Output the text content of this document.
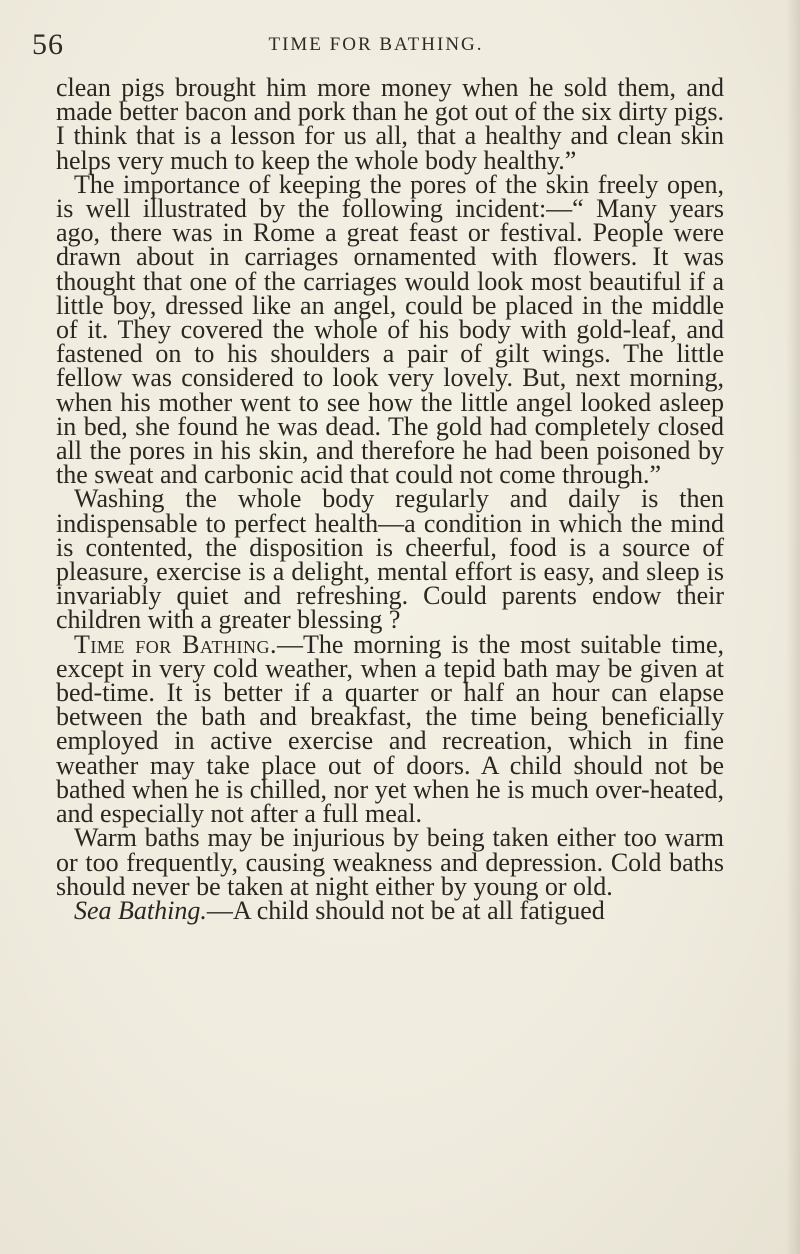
56	TIME FOR BATHING.

clean pigs brought him more money when he sold them, and made better bacon and pork than he got out of the six dirty pigs. I think that is a lesson for us all, that a healthy and clean skin helps very much to keep the whole body healthy.”

The importance of keeping the pores of the skin freely open, is well illustrated by the following incident:—“ Many years ago, there was in Rome a great feast or festival. People were drawn about in carriages ornamented with flowers. It was thought that one of the carriages would look most beautiful if a little boy, dressed like an angel, could be placed in the middle of it. They covered the whole of his body with gold-leaf, and fastened on to his shoulders a pair of gilt wings. The little fellow was considered to look very lovely. But, next morning, when his mother went to see how the little angel looked asleep in bed, she found he was dead. The gold had completely closed all the pores in his skin, and therefore he had been poisoned by the sweat and carbonic acid that could not come through.”

Washing the whole body regularly and daily is then indispensable to perfect health—a condition in which the mind is contented, the disposition is cheerful, food is a source of pleasure, exercise is a delight, mental effort is easy, and sleep is invariably quiet and refreshing. Could parents endow their children with a greater blessing ?

Time for Bathing.—The morning is the most suitable time, except in very cold weather, when a tepid bath may be given at bed-time. It is better if a quarter or half an hour can elapse between the bath and breakfast, the time being beneficially employed in active exercise and recreation, which in fine weather may take place out of doors. A child should not be bathed when he is chilled, nor yet when he is much over-heated, and especially not after a full meal.

Warm baths may be injurious by being taken either too warm or too frequently, causing weakness and depression. Cold baths should never be taken at night either by young or old.

Sea Bathing.—A child should not be at all fatigued
